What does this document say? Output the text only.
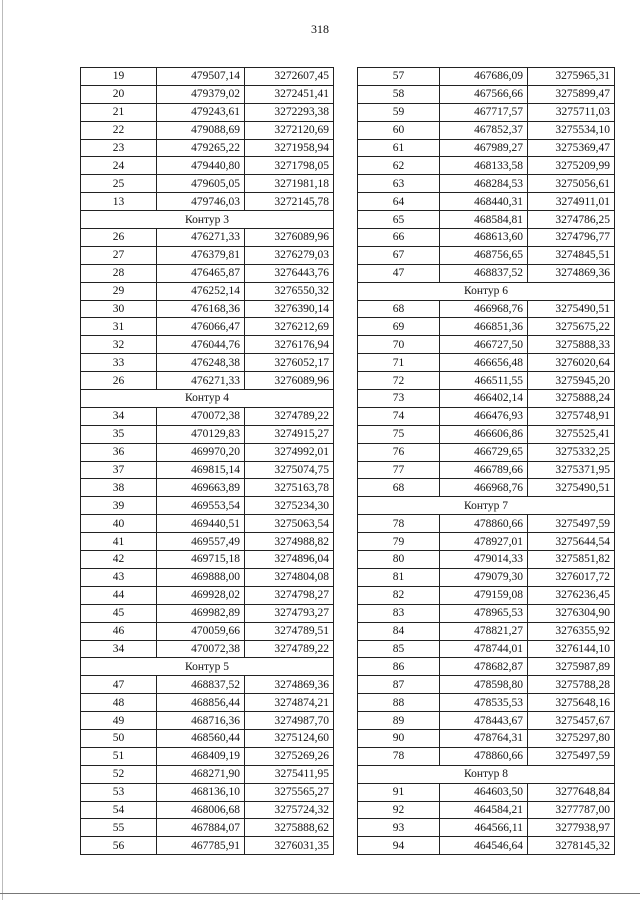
318
19	479507,14	3272607,45
20	479379,02	3272451,41
21	479243,61	3272293,38
22	479088,69	3272120,69
23	479265,22	3271958,94
24	479440,80	3271798,05
25	479605,05	3271981,18
13	479746,03	3272145,78
Контур 3		
26	476271,33	3276089,96
27	476379,81	3276279,03
28	476465,87	3276443,76
29	476252,14	3276550,32
30	476168,36	3276390,14
31	476066,47	3276212,69
32	476044,76	3276176,94
33	476248,38	3276052,17
26	476271,33	3276089,96
Контур 4		
34	470072,38	3274789,22
35	470129,83	3274915,27
36	469970,20	3274992,01
37	469815,14	3275074,75
38	469663,89	3275163,78
39	469553,54	3275234,30
40	469440,51	3275063,54
41	469557,49	3274988,82
42	469715,18	3274896,04
43	469888,00	3274804,08
44	469928,02	3274798,27
45	469982,89	3274793,27
46	470059,66	3274789,51
34	470072,38	3274789,22
Контур 5		
47	468837,52	3274869,36
48	468856,44	3274874,21
49	468716,36	3274987,70
50	468560,44	3275124,60
51	468409,19	3275269,26
52	468271,90	3275411,95
53	468136,10	3275565,27
54	468006,68	3275724,32
55	467884,07	3275888,62
56	467785,91	3276031,35
57	467686,09	3275965,31
58	467566,66	3275899,47
59	467717,57	3275711,03
60	467852,37	3275534,10
61	467989,27	3275369,47
62	468133,58	3275209,99
63	468284,53	3275056,61
64	468440,31	3274911,01
65	468584,81	3274786,25
66	468613,60	3274796,77
67	468756,65	3274845,51
47	468837,52	3274869,36
Контур 6		
68	466968,76	3275490,51
69	466851,36	3275675,22
70	466727,50	3275888,33
71	466656,48	3276020,64
72	466511,55	3275945,20
73	466402,14	3275888,24
74	466476,93	3275748,91
75	466606,86	3275525,41
76	466729,65	3275332,25
77	466789,66	3275371,95
68	466968,76	3275490,51
Контур 7		
78	478860,66	3275497,59
79	478927,01	3275644,54
80	479014,33	3275851,82
81	479079,30	3276017,72
82	479159,08	3276236,45
83	478965,53	3276304,90
84	478821,27	3276355,92
85	478744,01	3276144,10
86	478682,87	3275987,89
87	478598,80	3275788,28
88	478535,53	3275648,16
89	478443,67	3275457,67
90	478764,31	3275297,80
78	478860,66	3275497,59
Контур 8		
91	464603,50	3277648,84
92	464584,21	3277787,00
93	464566,11	3277938,97
94	464546,64	3278145,32
